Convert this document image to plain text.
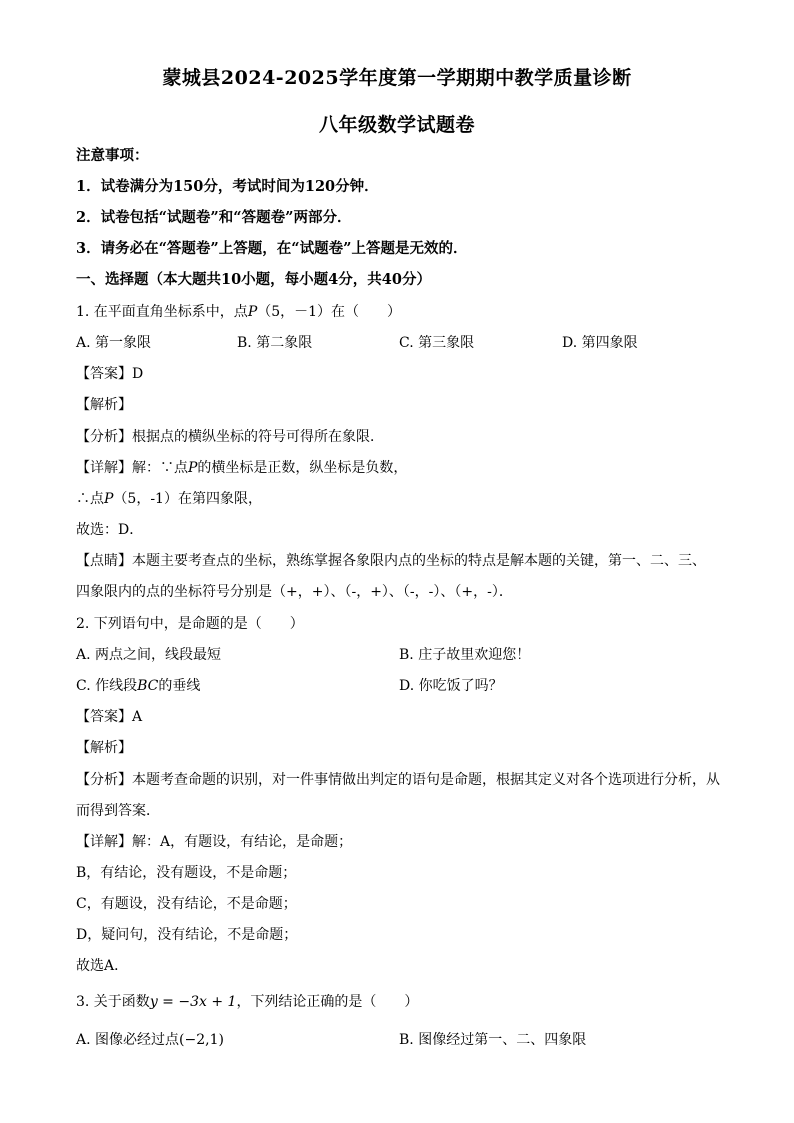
蒙城县2024-2025学年度第一学期期中教学质量诊断
八年级数学试题卷
注意事项：
1．试卷满分为150分，考试时间为120分钟．
2．试卷包括“试题卷”和“答题卷”两部分．
3．请务必在“答题卷”上答题，在“试题卷”上答题是无效的．
一、选择题（本大题共10小题，每小题4分，共40分）
1. 在平面直角坐标系中，点P（5，－1）在（　　）
A. 第一象限	B. 第二象限	C. 第三象限	D. 第四象限
【答案】D
【解析】
【分析】根据点的横纵坐标的符号可得所在象限．
【详解】解：∵点P的横坐标是正数，纵坐标是负数，
∴点P（5，-1）在第四象限，
故选：D．
【点睛】本题主要考查点的坐标，熟练掌握各象限内点的坐标的特点是解本题的关键，第一、二、三、
四象限内的点的坐标符号分别是（+，+）、（-，+）、（-，-）、（+，-）．
2. 下列语句中，是命题的是（　　）
A. 两点之间，线段最短	B. 庄子故里欢迎您！
C. 作线段BC的垂线	D. 你吃饭了吗？
【答案】A
【解析】
【分析】本题考查命题的识别，对一件事情做出判定的语句是命题，根据其定义对各个选项进行分析，从
而得到答案．
【详解】解：A，有题设，有结论，是命题；
B，有结论，没有题设，不是命题；
C，有题设，没有结论，不是命题；
D，疑问句，没有结论，不是命题；
故选A．
3. 关于函数y = −3x + 1，下列结论正确的是（　　）
A. 图像必经过点(−2,1)	B. 图像经过第一、二、四象限
